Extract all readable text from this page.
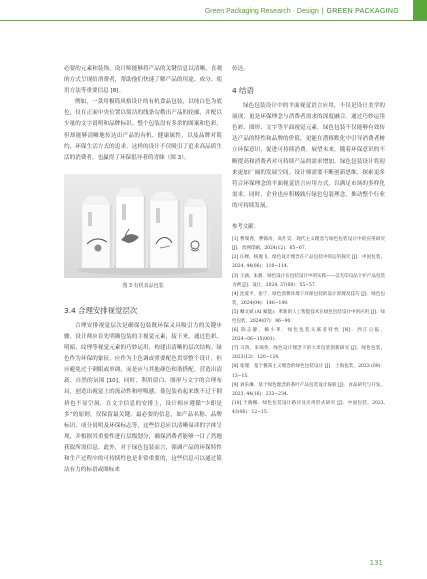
Green Packaging Research · Design | GREEN PACKAGING

必要的元素和装饰，设计师能够将产品的关键信息以清晰、直观的方式呈现给消费者，帮助他们快速了解产品的用途、成分、使用方法等重要信息 [8]。

例如，一款用极简风格设计的有机食品包装，以纯白色为底色，仅在正面中央位置以简洁的线条勾勒出产品的轮廓，并配以少量的文字说明和品牌标识。整个包装没有多余的图案和色彩，但却能够清晰地传达出产品的有机、健康属性，以及品牌对简约、环保生活方式的追求。这样的设计不仅吸引了追求高品质生活的消费者，也赢得了环保倡导者的青睐（图 3）。

图 3 有机食品包装
3.4 合理安排视觉层次

合理安排视觉层次是确保包装既环保又具吸引力的关键步骤。设计师应首先明确包装的主视觉元素，接下来，通过色彩、明暗、纹理等视觉元素的巧妙运用，构建出清晰的层次结构。绿色作为环保的象征，应作为主色调或重要配色贯穿整个设计，但应避免过于刺眼或单调，而是应与其他颜色和谐搭配。营造出清新、自然的氛围 [10]。同时，利用留白、图形与文字的合理布局，创造出视觉上的流动性和呼吸感，使包装看起来既不过于拥挤也不显空洞，在文字信息的安排上，设计师应遵循“少即是多”的原则，仅保留最关键、最必要的信息，如产品名称、品牌标识、成分说明及环保标志等，这些信息应以清晰易读的字体呈现，并根据其重要性进行层级划分，确保消费者能够一目了然地获取所需信息。此外，对于绿色包装而言，强调产品的环保特性和生产过程中的可持续性也是非常重要的，这些信息可以通过简洁有力的标语或图标来

传达。

4 结语

绿色包装设计中的平面视觉语言应用，不仅是设计美学的展现，更是环保理念与消费者需求的深度融合。通过巧妙运用色彩、图形、文字等平面视觉元素，绿色包装不仅能够有效传达产品的特性和品牌的价值，更能在潜移默化中引导消费者树立环保意识，促进可持续消费。展望未来，随着环保意识的不断提高和消费者对可持续产品的需求增加，绿色包装设计将迎来更加广阔的发展空间。设计师需要不断创新思维，探索更多符合环保理念的平面视觉语言应用方式，以满足市场的多样化需求。同时，企业也应积极践行绿色包装理念，推动整个行业的可持续发展。

参考文献：
[1] 曹瑞春，曹锦涛，高仕昊．现代主义理念与绿色包装设计中的应用研究 [J]．丝网印刷，2024(12)：65−67.
[2] 汪婵，杨逸飞．绿色设计理念在产品包装中的运用探究 [J]．中国包装，2024, 44(06)：110−114.
[3] 王涵，朱甜．绿色设计在包装设计中的实践——以光印良品个护产品包装为例 [J]．设计，2024, 37(08)：55−57.
[4] 沈爱平，张宁．绿色消费环境下环保包装的设计原理及技巧 [J]．绿色包装，2024(04)：146−149.
[5] 咖文斌 (AI 赋能)．革新的人工智能技术在绿色包装设计中的应用 [J]．绿色包装，2024(07)：86−90.
[6] 陈志静，赖小革．绿色包装关联者特性 [N]．西江日报，2024−06−15(001).
[7] 马鸿，朱锦英．绿色设计理念下的大米包装创新研究 [J]．绿色包装，2023(12)：120−124.
[8] 张瑾．基于极简主义理念的绿色包装设计 [J]．上海包装，2023 (09)：13−15.
[9] 刘乐琳．基于绿色理念的茶叶产品包装设计探析 [J]．食品研究与开发，2023, 44(16)：233−234.
[10] 于晓娜．绿色包装设计路径及应用形式研究 [J]．中国包装，2023, 43(06)：12−15.
131
